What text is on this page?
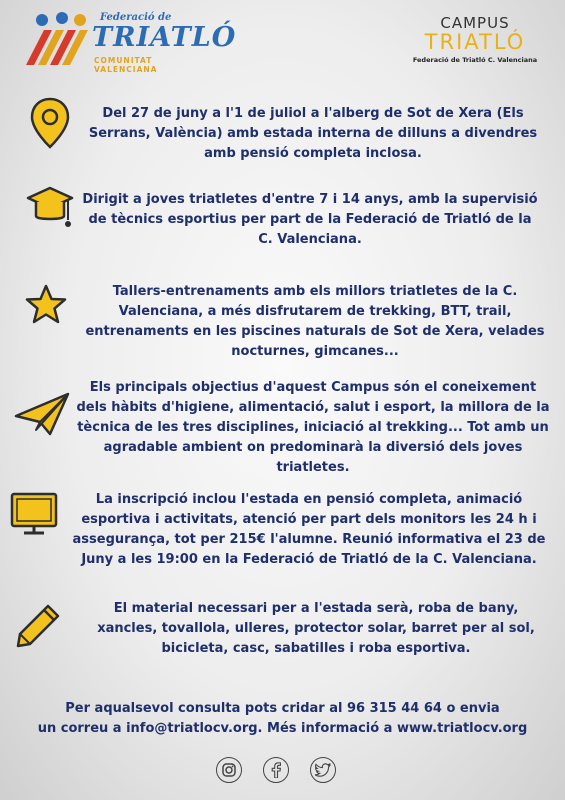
Federació de
TRIATLÓ
COMUNITAT VALENCIANA
CAMPUS
TRIATLÓ
Federació de Triatló C. Valenciana
Del 27 de juny a l'1 de juliol a l'alberg de Sot de Xera (Els Serrans, València) amb estada interna de dilluns a divendres amb pensió completa inclosa.
Dirigit a joves triatletes d'entre 7 i 14 anys, amb la supervisió de tècnics esportius per part de la Federació de Triatló de la C. Valenciana.
Tallers-entrenaments amb els millors triatletes de la C. Valenciana, a més disfrutarem de trekking, BTT, trail, entrenaments en les piscines naturals de Sot de Xera, velades nocturnes, gimcanes...
Els principals objectius d'aquest Campus són el coneixement dels hàbits d'higiene, alimentació, salut i esport, la millora de la tècnica de les tres disciplines, iniciació al trekking... Tot amb un agradable ambient on predominarà la diversió dels joves triatletes.
La inscripció inclou l'estada en pensió completa, animació esportiva i activitats, atenció per part dels monitors les 24 h i assegurança, tot per 215€ l'alumne. Reunió informativa el 23 de Juny a les 19:00 en la Federació de Triatló de la C. Valenciana.
El material necessari per a l'estada serà, roba de bany, xancles, tovallola, ulleres, protector solar, barret per al sol, bicicleta, casc, sabatilles i roba esportiva.
Per aqualsevol consulta pots cridar al 96 315 44 64 o envia
un correu a info@triatlocv.org. Més informació a www.triatlocv.org
